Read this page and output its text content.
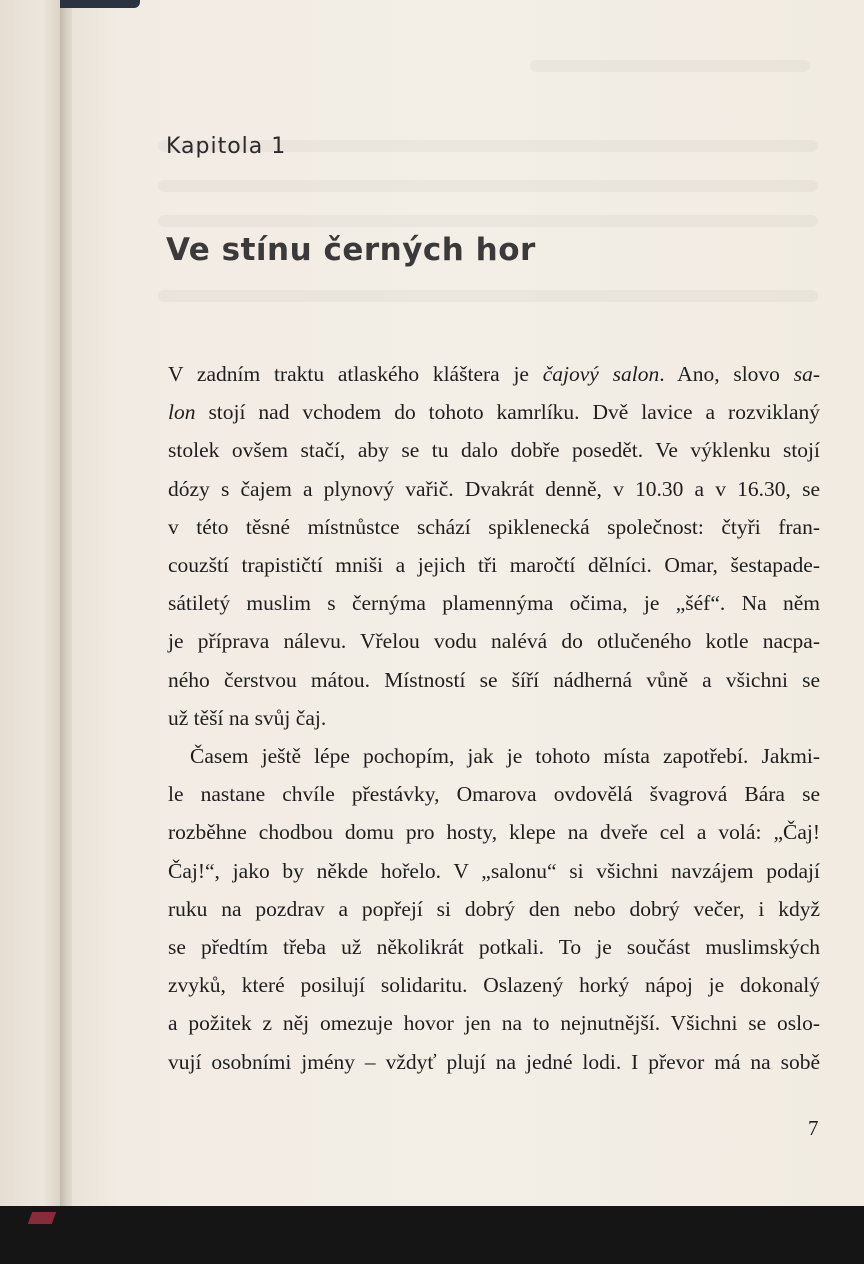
Kapitola 1
Ve stínu černých hor

V zadním traktu atlaského kláštera je čajový salon. Ano, slovo sa-
lon stojí nad vchodem do tohoto kamrlíku. Dvě lavice a rozviklaný
stolek ovšem stačí, aby se tu dalo dobře posedět. Ve výklenku stojí
dózy s čajem a plynový vařič. Dvakrát denně, v 10.30 a v 16.30, se
v této těsné místnůstce schází spiklenecká společnost: čtyři fran-
couzští trapističtí mniši a jejich tři maročtí dělníci. Omar, šestapade-
sátiletý muslim s černýma plamennýma očima, je „šéf“. Na něm
je příprava nálevu. Vřelou vodu nalévá do otlučeného kotle nacpa-
ného čerstvou mátou. Místností se šíří nádherná vůně a všichni se
už těší na svůj čaj.

Časem ještě lépe pochopím, jak je tohoto místa zapotřebí. Jakmi-
le nastane chvíle přestávky, Omarova ovdovělá švagrová Bára se
rozběhne chodbou domu pro hosty, klepe na dveře cel a volá: „Čaj!
Čaj!“, jako by někde hořelo. V „salonu“ si všichni navzájem podají
ruku na pozdrav a popřejí si dobrý den nebo dobrý večer, i když
se předtím třeba už několikrát potkali. To je součást muslimských
zvyků, které posilují solidaritu. Oslazený horký nápoj je dokonalý
a požitek z něj omezuje hovor jen na to nejnutnější. Všichni se oslo-
vují osobními jmény – vždyť plují na jedné lodi. I převor má na sobě

7
